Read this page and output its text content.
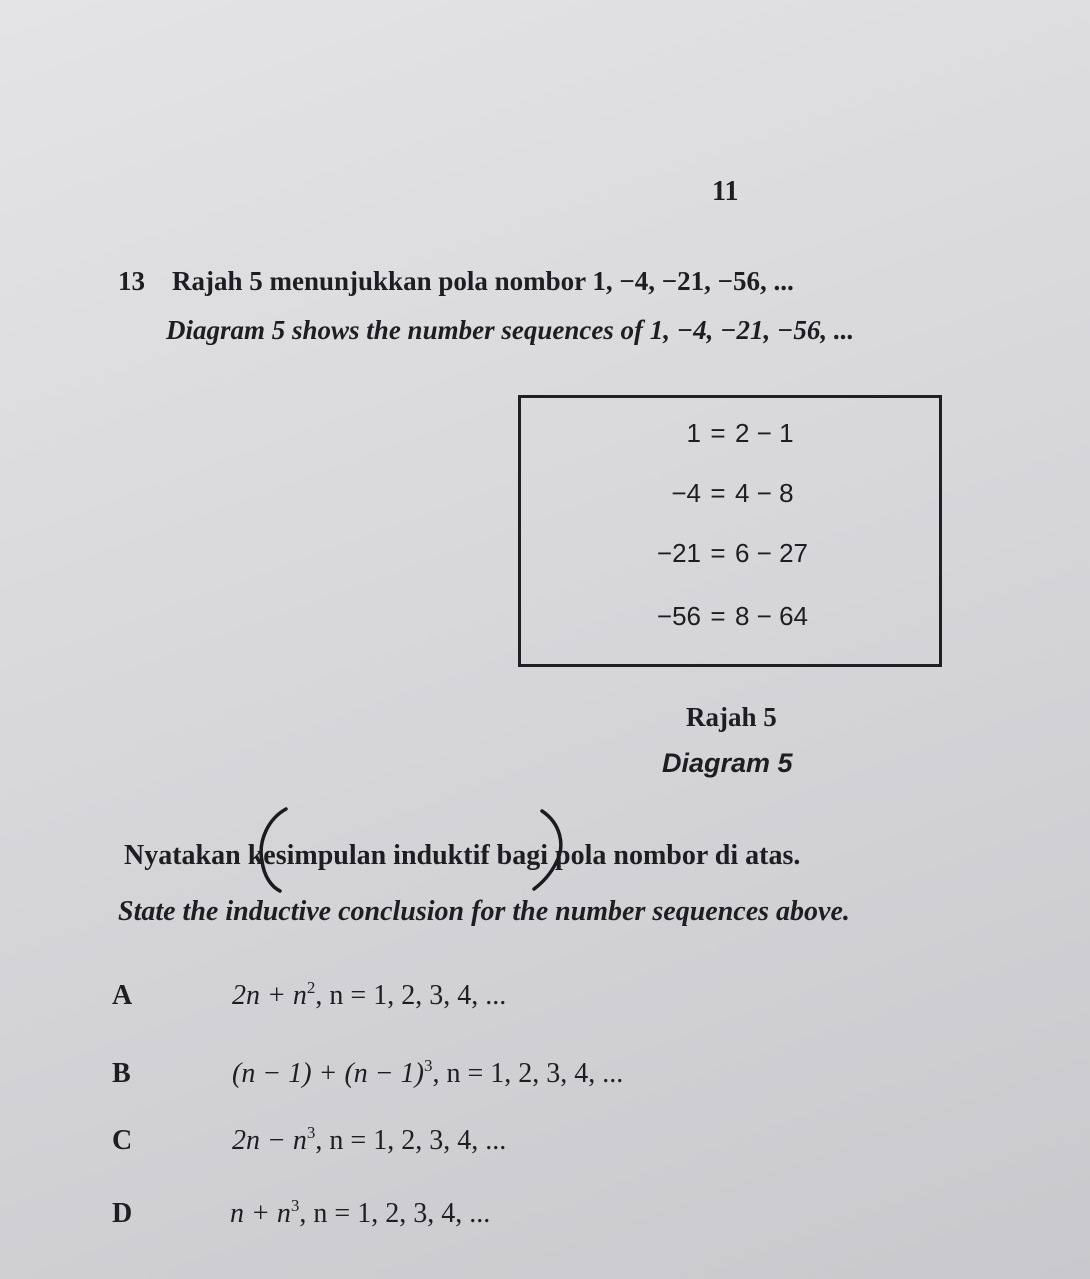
11
13 Rajah 5 menunjukkan pola nombor 1, −4, −21, −56, ...
Diagram 5 shows the number sequences of 1, −4, −21, −56, ...
1 = 2 − 1
−4 = 4 − 8
−21 = 6 − 27
−56 = 8 − 64
Rajah 5
Diagram 5
Nyatakan kesimpulan induktif bagi pola nombor di atas.
State the inductive conclusion for the number sequences above.
A	$2n + n^2$, n = 1, 2, 3, 4, ...
B	$(n - 1) + (n - 1)^3$, n = 1, 2, 3, 4, ...
C	$2n - n^3$, n = 1, 2, 3, 4, ...
D	$n + n^3$, n = 1, 2, 3, 4, ...
